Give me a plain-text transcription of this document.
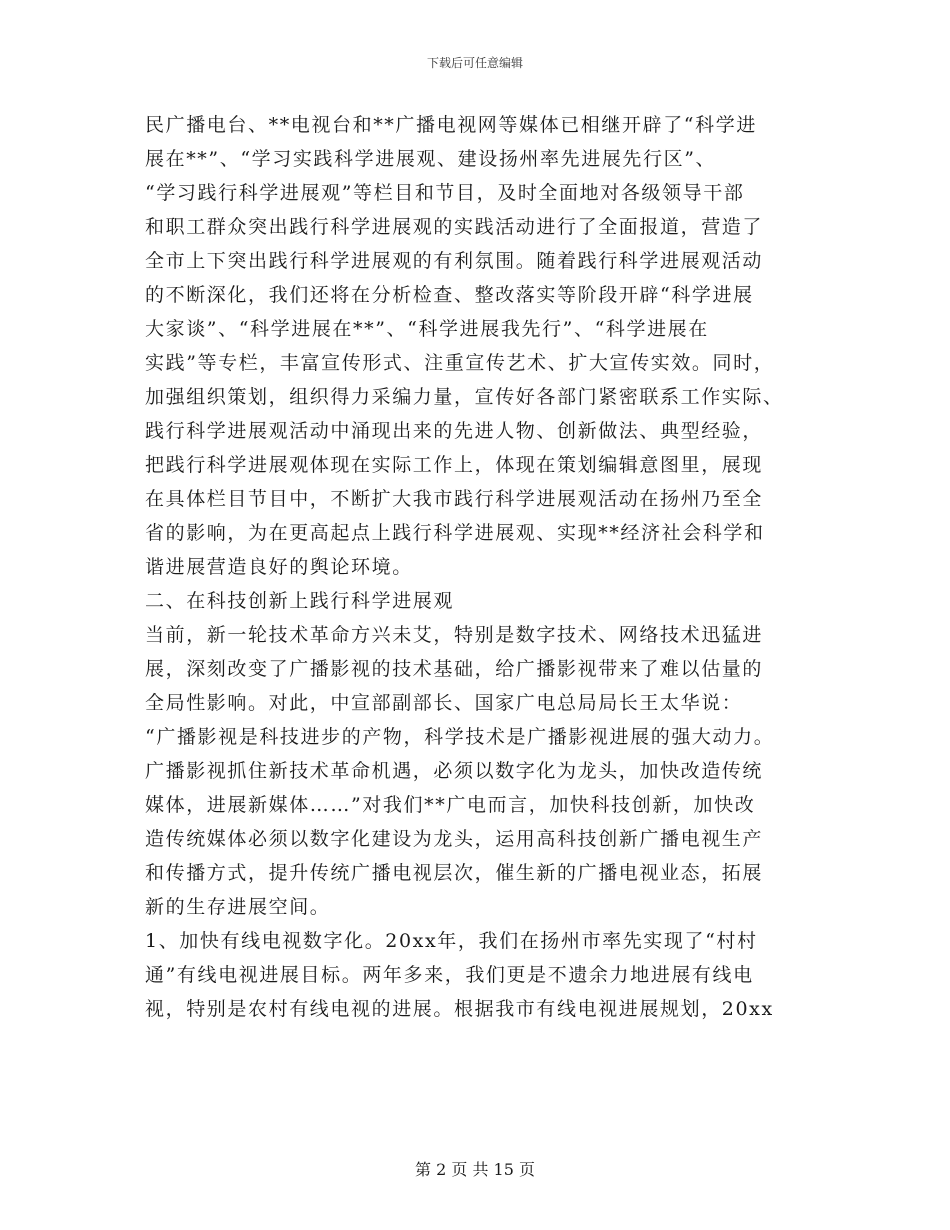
下载后可任意编辑
民广播电台、**电视台和**广播电视网等媒体已相继开辟了“科学进
展在**”、“学习实践科学进展观、建设扬州率先进展先行区”、
“学习践行科学进展观”等栏目和节目，及时全面地对各级领导干部
和职工群众突出践行科学进展观的实践活动进行了全面报道，营造了
全市上下突出践行科学进展观的有利氛围。随着践行科学进展观活动
的不断深化，我们还将在分析检查、整改落实等阶段开辟“科学进展
大家谈”、“科学进展在**”、“科学进展我先行”、“科学进展在
实践”等专栏，丰富宣传形式、注重宣传艺术、扩大宣传实效。同时，
加强组织策划，组织得力采编力量，宣传好各部门紧密联系工作实际、
践行科学进展观活动中涌现出来的先进人物、创新做法、典型经验，
把践行科学进展观体现在实际工作上，体现在策划编辑意图里，展现
在具体栏目节目中，不断扩大我市践行科学进展观活动在扬州乃至全
省的影响，为在更高起点上践行科学进展观、实现**经济社会科学和
谐进展营造良好的舆论环境。
二、在科技创新上践行科学进展观
当前，新一轮技术革命方兴未艾，特别是数字技术、网络技术迅猛进
展，深刻改变了广播影视的技术基础，给广播影视带来了难以估量的
全局性影响。对此，中宣部副部长、国家广电总局局长王太华说：
“广播影视是科技进步的产物，科学技术是广播影视进展的强大动力。
广播影视抓住新技术革命机遇，必须以数字化为龙头，加快改造传统
媒体，进展新媒体……”对我们**广电而言，加快科技创新，加快改
造传统媒体必须以数字化建设为龙头，运用高科技创新广播电视生产
和传播方式，提升传统广播电视层次，催生新的广播电视业态，拓展
新的生存进展空间。
1、加快有线电视数字化。20xx年，我们在扬州市率先实现了“村村
通”有线电视进展目标。两年多来，我们更是不遗余力地进展有线电
视，特别是农村有线电视的进展。根据我市有线电视进展规划，20xx
第 2 页 共 15 页
